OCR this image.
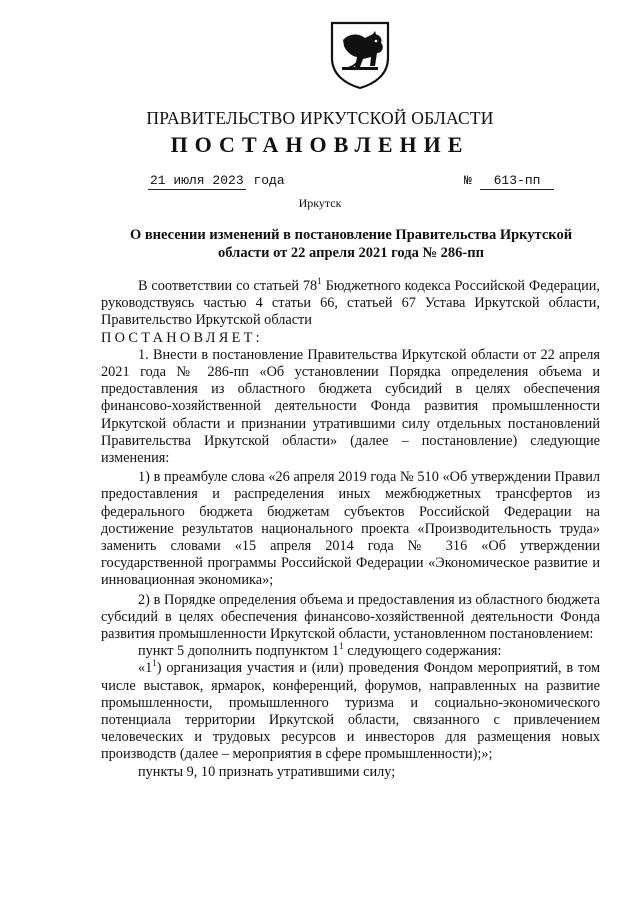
ПРАВИТЕЛЬСТВО ИРКУТСКОЙ ОБЛАСТИ
ПОСТАНОВЛЕНИЕ
21 июля 2023 года	№ 613-пп
Иркутск
О внесении изменений в постановление Правительства Иркутской области от 22 апреля 2021 года № 286-пп

В соответствии со статьей $78^1$ Бюджетного кодекса Российской Федерации, руководствуясь частью 4 статьи 66, статьей 67 Устава Иркутской области, Правительство Иркутской области

ПОСТАНОВЛЯЕТ:

1. Внести в постановление Правительства Иркутской области от 22 апреля 2021 года № 286-пп «Об установлении Порядка определения объема и предоставления из областного бюджета субсидий в целях обеспечения финансово-хозяйственной деятельности Фонда развития промышленности Иркутской области и признании утратившими силу отдельных постановлений Правительства Иркутской области» (далее – постановление) следующие изменения:

1) в преамбуле слова «26 апреля 2019 года № 510 «Об утверждении Правил предоставления и распределения иных межбюджетных трансфертов из федерального бюджета бюджетам субъектов Российской Федерации на достижение результатов национального проекта «Производительность труда» заменить словами «15 апреля 2014 года № 316 «Об утверждении государственной программы Российской Федерации «Экономическое развитие и инновационная экономика»;

2) в Порядке определения объема и предоставления из областного бюджета субсидий в целях обеспечения финансово-хозяйственной деятельности Фонда развития промышленности Иркутской области, установленном постановлением:

пункт 5 дополнить подпунктом $1^1$ следующего содержания:

«$1^1$) организация участия и (или) проведения Фондом мероприятий, в том числе выставок, ярмарок, конференций, форумов, направленных на развитие промышленности, промышленного туризма и социально-экономического потенциала территории Иркутской области, связанного с привлечением человеческих и трудовых ресурсов и инвесторов для размещения новых производств (далее – мероприятия в сфере промышленности);»;

пункты 9, 10 признать утратившими силу;
